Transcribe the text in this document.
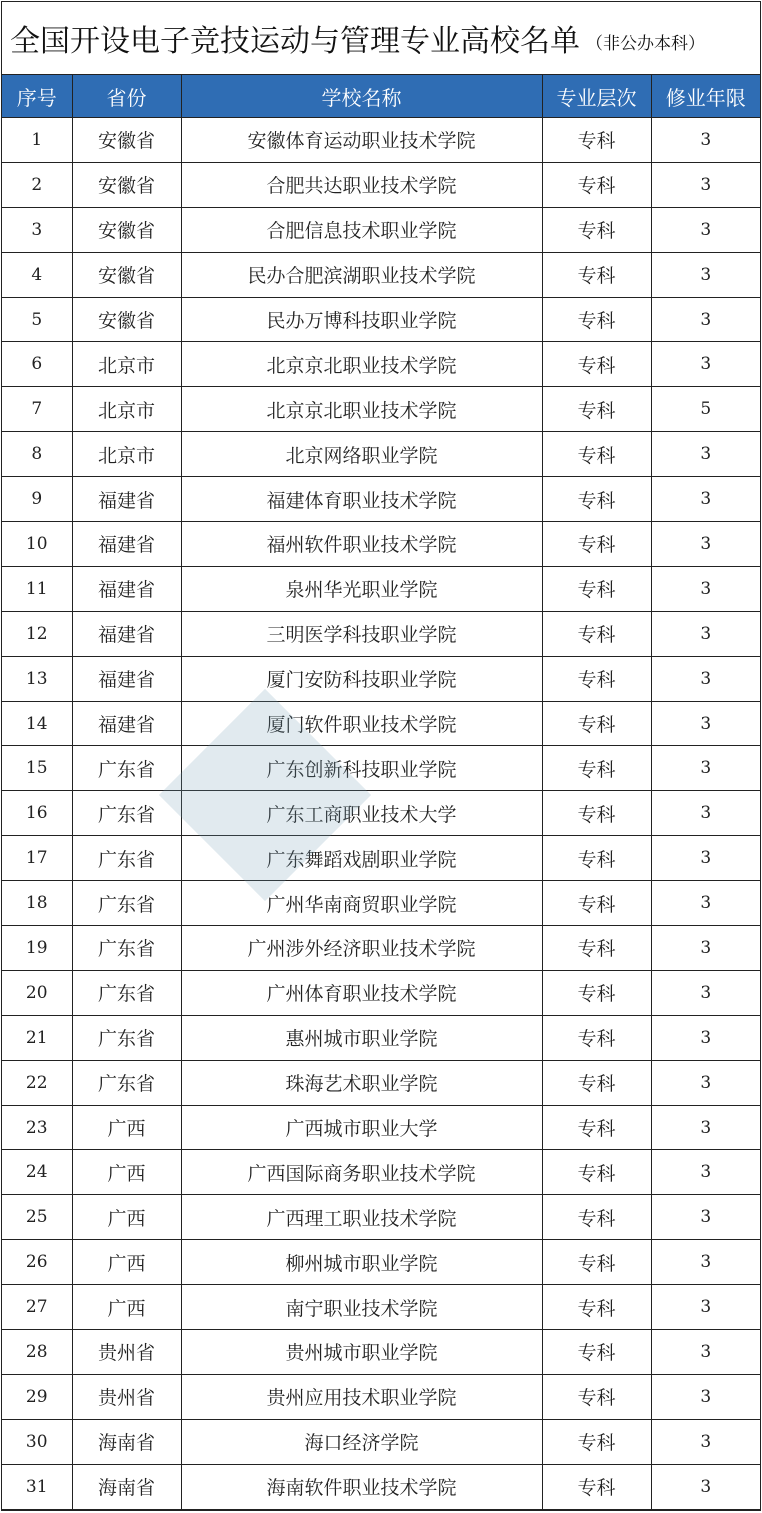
全国开设电子竞技运动与管理专业高校名单 （非公办本科）
序号	省份	学校名称	专业层次	修业年限
1	安徽省	安徽体育运动职业技术学院	专科	3
2	安徽省	合肥共达职业技术学院	专科	3
3	安徽省	合肥信息技术职业学院	专科	3
4	安徽省	民办合肥滨湖职业技术学院	专科	3
5	安徽省	民办万博科技职业学院	专科	3
6	北京市	北京京北职业技术学院	专科	3
7	北京市	北京京北职业技术学院	专科	5
8	北京市	北京网络职业学院	专科	3
9	福建省	福建体育职业技术学院	专科	3
10	福建省	福州软件职业技术学院	专科	3
11	福建省	泉州华光职业学院	专科	3
12	福建省	三明医学科技职业学院	专科	3
13	福建省	厦门安防科技职业学院	专科	3
14	福建省	厦门软件职业技术学院	专科	3
15	广东省	广东创新科技职业学院	专科	3
16	广东省	广东工商职业技术大学	专科	3
17	广东省	广东舞蹈戏剧职业学院	专科	3
18	广东省	广州华南商贸职业学院	专科	3
19	广东省	广州涉外经济职业技术学院	专科	3
20	广东省	广州体育职业技术学院	专科	3
21	广东省	惠州城市职业学院	专科	3
22	广东省	珠海艺术职业学院	专科	3
23	广西	广西城市职业大学	专科	3
24	广西	广西国际商务职业技术学院	专科	3
25	广西	广西理工职业技术学院	专科	3
26	广西	柳州城市职业学院	专科	3
27	广西	南宁职业技术学院	专科	3
28	贵州省	贵州城市职业学院	专科	3
29	贵州省	贵州应用技术职业学院	专科	3
30	海南省	海口经济学院	专科	3
31	海南省	海南软件职业技术学院	专科	3
